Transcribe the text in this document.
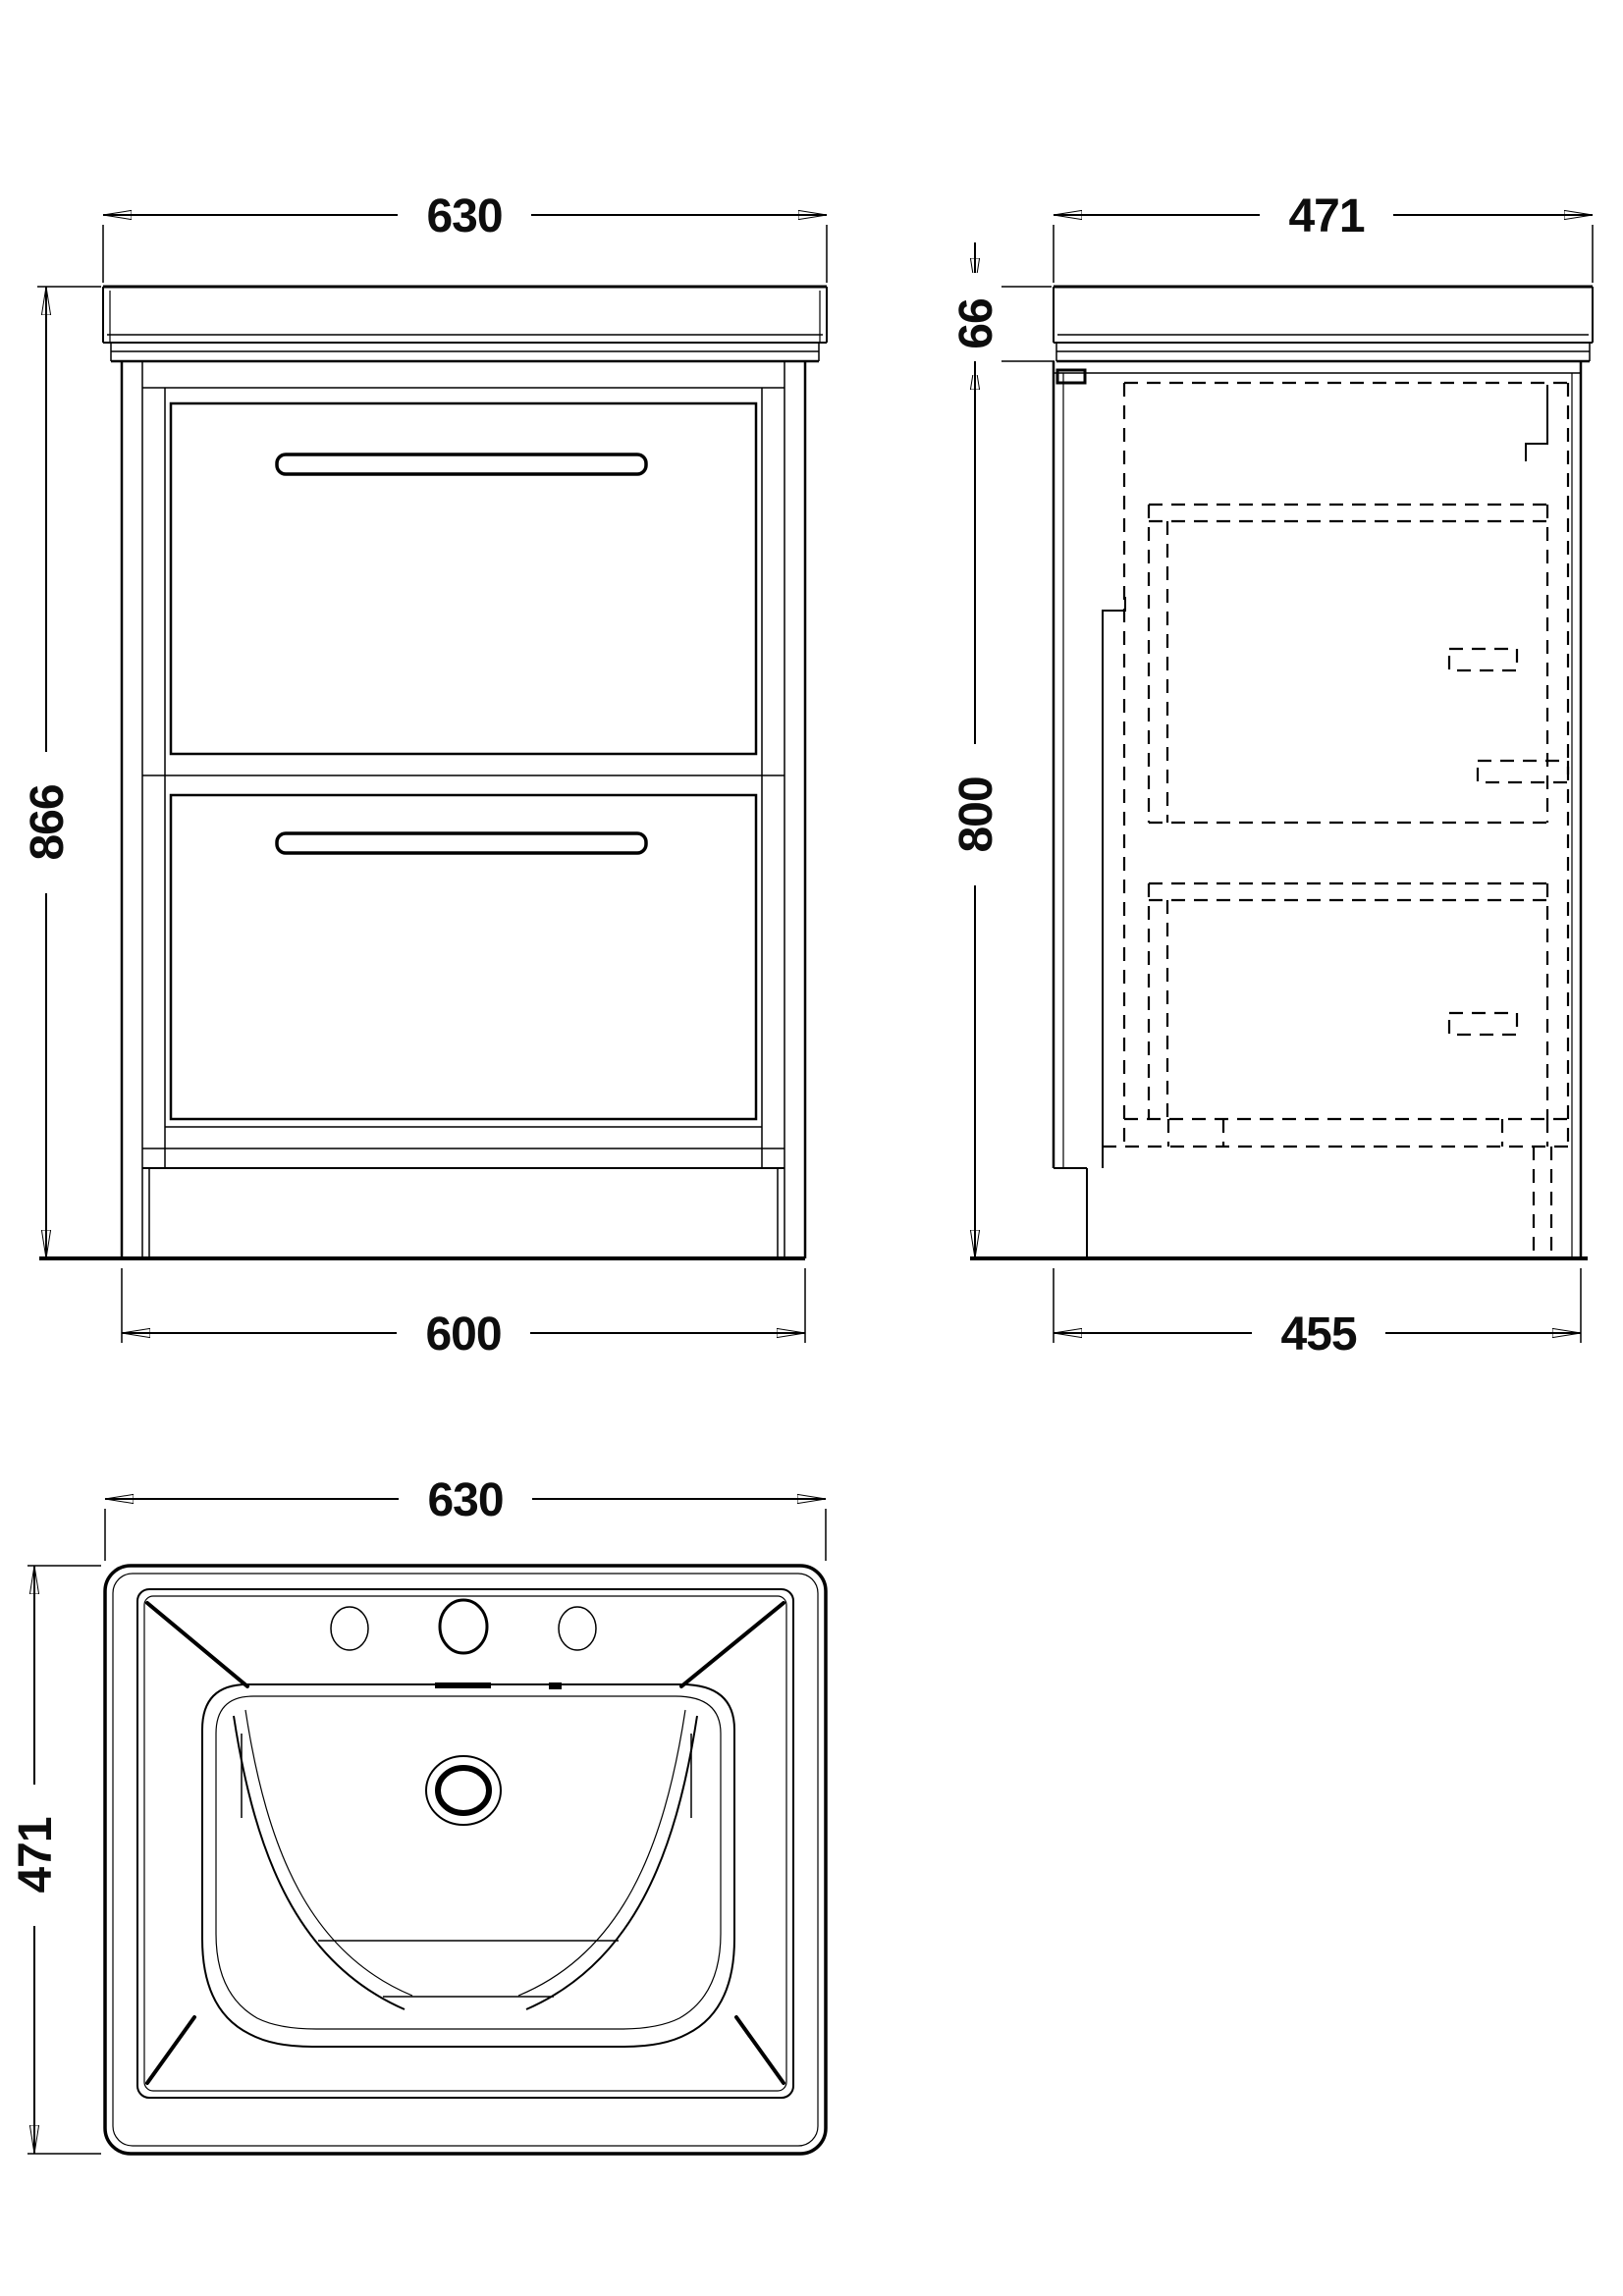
630
866
600
471
66
800
455
630
471
